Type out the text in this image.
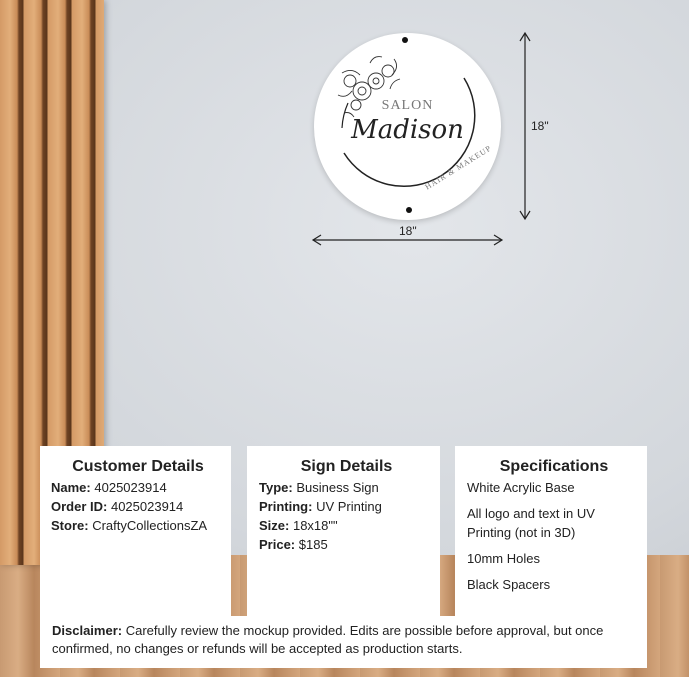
SALON
Madison
HAIR & MAKEUP
18"
18"
Customer Details
Name: 4025023914
Order ID: 4025023914
Store: CraftyCollectionsZA
Sign Details
Type: Business Sign
Printing: UV Printing
Size: 18x18""
Price: $185
Specifications
White Acrylic Base
All logo and text in UV Printing (not in 3D)
10mm Holes
Black Spacers
Disclaimer: Carefully review the mockup provided. Edits are possible before approval, but once confirmed, no changes or refunds will be accepted as production starts.
